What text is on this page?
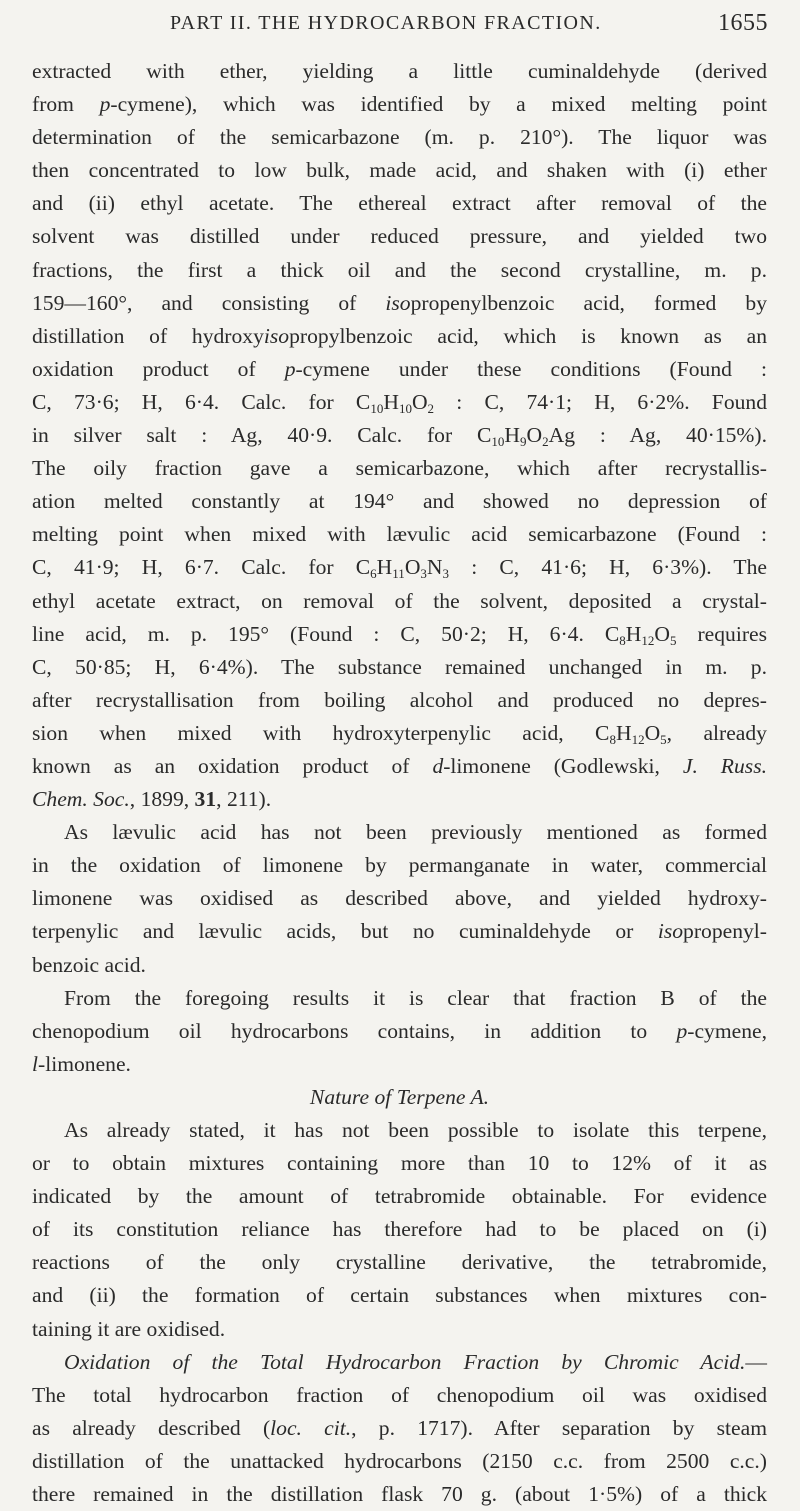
PART II. THE HYDROCARBON FRACTION.	1655
extracted with ether, yielding a little cuminaldehyde (derived
from p-cymene), which was identified by a mixed melting point
determination of the semicarbazone (m. p. 210°). The liquor was
then concentrated to low bulk, made acid, and shaken with (i) ether
and (ii) ethyl acetate. The ethereal extract after removal of the
solvent was distilled under reduced pressure, and yielded two
fractions, the first a thick oil and the second crystalline, m. p.
159—160°, and consisting of isopropenylbenzoic acid, formed by
distillation of hydroxyisopropylbenzoic acid, which is known as an
oxidation product of p-cymene under these conditions (Found :
C, 73·6; H, 6·4. Calc. for $C_{10}H_{10}O_2$ : C, 74·1; H, 6·2%. Found
in silver salt : Ag, 40·9. Calc. for $C_{10}H_9O_2Ag$ : Ag, 40·15%).
The oily fraction gave a semicarbazone, which after recrystallis-
ation melted constantly at 194° and showed no depression of
melting point when mixed with lævulic acid semicarbazone (Found :
C, 41·9; H, 6·7. Calc. for $C_6H_{11}O_3N_3$ : C, 41·6; H, 6·3%). The
ethyl acetate extract, on removal of the solvent, deposited a crystal-
line acid, m. p. 195° (Found : C, 50·2; H, 6·4. $C_8H_{12}O_5$ requires
C, 50·85; H, 6·4%). The substance remained unchanged in m. p.
after recrystallisation from boiling alcohol and produced no depres-
sion when mixed with hydroxyterpenylic acid, $C_8H_{12}O_5$, already
known as an oxidation product of d-limonene (Godlewski, J. Russ.
Chem. Soc., 1899, 31, 211).
As lævulic acid has not been previously mentioned as formed
in the oxidation of limonene by permanganate in water, commercial
limonene was oxidised as described above, and yielded hydroxy-
terpenylic and lævulic acids, but no cuminaldehyde or isopropenyl-
benzoic acid.
From the foregoing results it is clear that fraction B of the
chenopodium oil hydrocarbons contains, in addition to p-cymene,
l-limonene.
Nature of Terpene A.
As already stated, it has not been possible to isolate this terpene,
or to obtain mixtures containing more than 10 to 12% of it as
indicated by the amount of tetrabromide obtainable. For evidence
of its constitution reliance has therefore had to be placed on (i)
reactions of the only crystalline derivative, the tetrabromide,
and (ii) the formation of certain substances when mixtures con-
taining it are oxidised.
Oxidation of the Total Hydrocarbon Fraction by Chromic Acid.—
The total hydrocarbon fraction of chenopodium oil was oxidised
as already described (loc. cit., p. 1717). After separation by steam
distillation of the unattacked hydrocarbons (2150 c.c. from 2500 c.c.)
there remained in the distillation flask 70 g. (about 1·5%) of a thick
